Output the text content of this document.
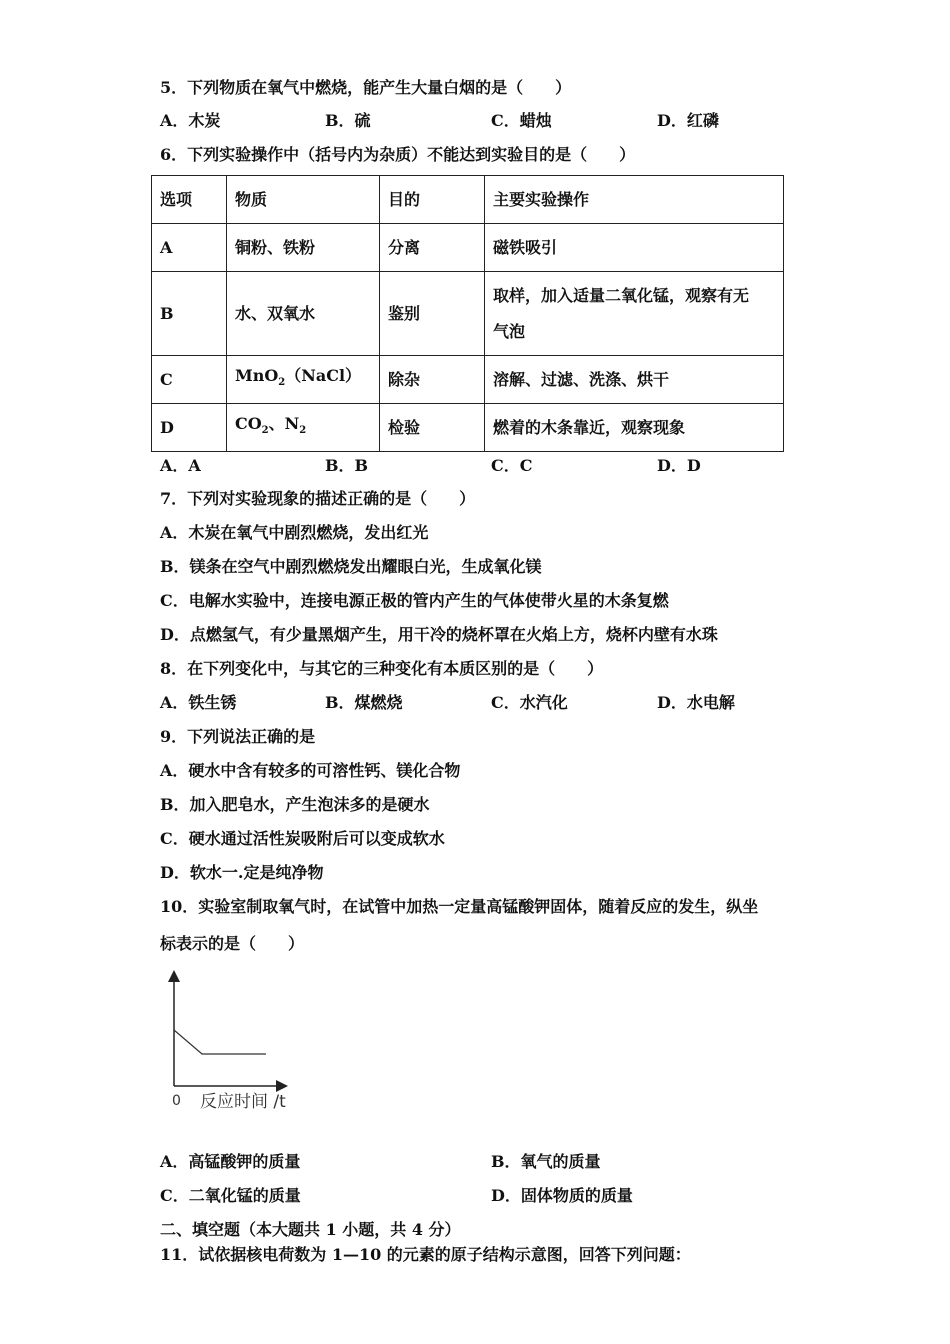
5．下列物质在氧气中燃烧，能产生大量白烟的是（　　）
A．木炭	B．硫	C．蜡烛	D．红磷
6．下列实验操作中（括号内为杂质）不能达到实验目的是（　　）
选项	物质	目的	主要实验操作
A	铜粉、铁粉	分离	磁铁吸引
B	水、双氧水	鉴别	取样，加入适量二氧化锰，观察有无
气泡

C	MnO$_2$（NaCl）	除杂	溶解、过滤、洗涤、烘干
D	$CO_2$、$N_2$	检验	燃着的木条靠近，观察现象
A．A	B．B	C．C	D．D
7．下列对实验现象的描述正确的是（　　）
A．木炭在氧气中剧烈燃烧，发出红光
B．镁条在空气中剧烈燃烧发出耀眼白光，生成氧化镁
C．电解水实验中，连接电源正极的管内产生的气体使带火星的木条复燃
D．点燃氢气，有少量黑烟产生，用干冷的烧杯罩在火焰上方，烧杯内壁有水珠
8．在下列变化中，与其它的三种变化有本质区别的是（　　）
A．铁生锈	B．煤燃烧	C．水汽化	D．水电解
9．下列说法正确的是
A．硬水中含有较多的可溶性钙、镁化合物
B．加入肥皂水，产生泡沫多的是硬水
C．硬水通过活性炭吸附后可以变成软水
D．软水一.定是纯净物
10．实验室制取氧气时，在试管中加热一定量高锰酸钾固体，随着反应的发生，纵坐
标表示的是（　　）
0 反应时间 /t
A．高锰酸钾的质量	B．氧气的质量
C．二氧化锰的质量	D．固体物质的质量
二、填空题（本大题共 1 小题，共 4 分）
11．试依据核电荷数为 1—10 的元素的原子结构示意图，回答下列问题：
